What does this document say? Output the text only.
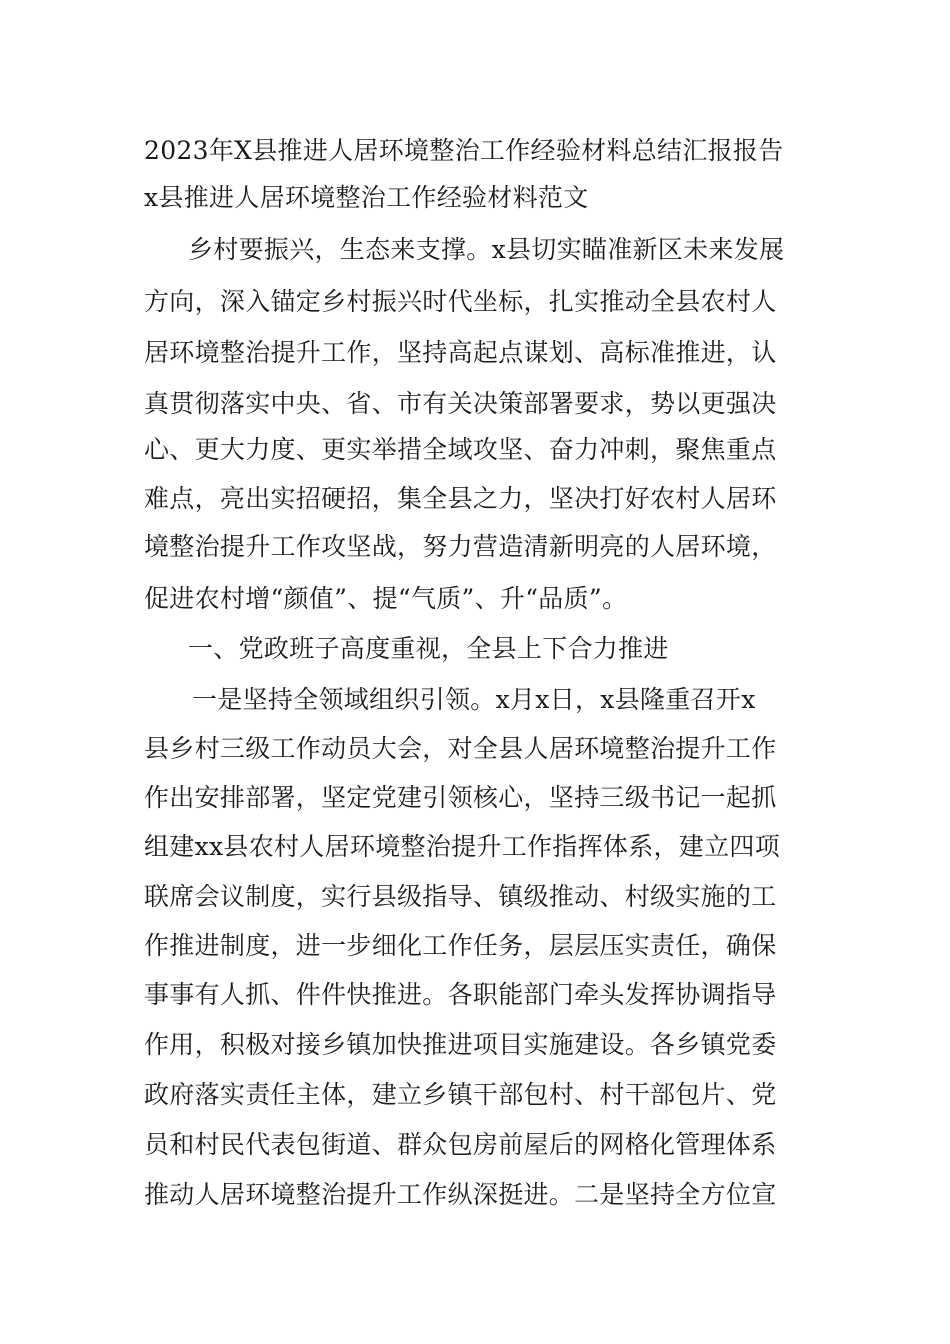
2023年X县推进人居环境整治工作经验材料总结汇报报告
x县推进人居环境整治工作经验材料范文
乡村要振兴，生态来支撑。x县切实瞄准新区未来发展
方向，深入锚定乡村振兴时代坐标，扎实推动全县农村人
居环境整治提升工作，坚持高起点谋划、高标准推进，认
真贯彻落实中央、省、市有关决策部署要求，势以更强决
心、更大力度、更实举措全域攻坚、奋力冲刺，聚焦重点
难点，亮出实招硬招，集全县之力，坚决打好农村人居环
境整治提升工作攻坚战，努力营造清新明亮的人居环境，
促进农村增“颜值”、提“气质”、升“品质”。
一、党政班子高度重视，全县上下合力推进
一是坚持全领域组织引领。x月x日，x县隆重召开x
县乡村三级工作动员大会，对全县人居环境整治提升工作
作出安排部署，坚定党建引领核心，坚持三级书记一起抓
组建xx县农村人居环境整治提升工作指挥体系，建立四项
联席会议制度，实行县级指导、镇级推动、村级实施的工
作推进制度，进一步细化工作任务，层层压实责任，确保
事事有人抓、件件快推进。各职能部门牵头发挥协调指导
作用，积极对接乡镇加快推进项目实施建设。各乡镇党委
政府落实责任主体，建立乡镇干部包村、村干部包片、党
员和村民代表包街道、群众包房前屋后的网格化管理体系
推动人居环境整治提升工作纵深挺进。二是坚持全方位宣
